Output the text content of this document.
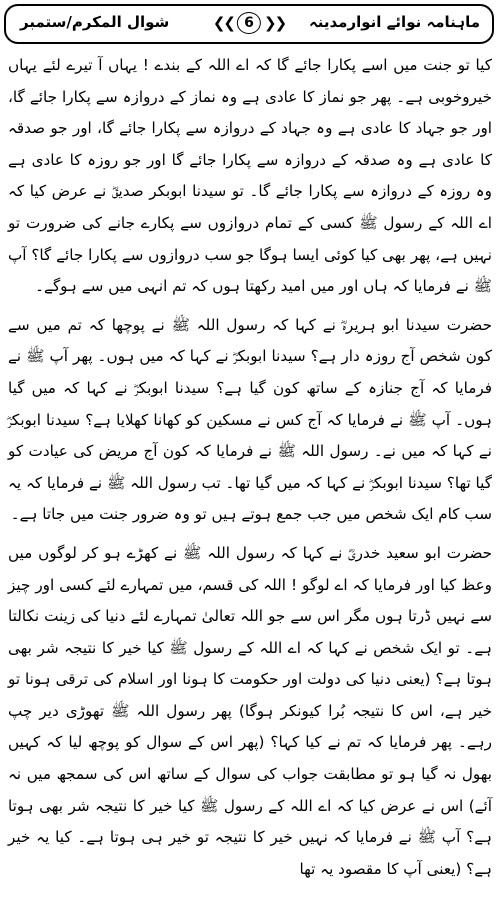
ماہنامہ نوائے انوارمدینہ
❮❮ 6 ❯❯
شوال المکرم/ستمبر

کیا تو جنت میں اسے پکارا جائے گا کہ اے اللہ کے بندے ! یہاں آ تیرے لئے یہاں خیروخوبی ہے۔ پھر جو نماز کا عادی ہے وہ نماز کے دروازہ سے پکارا جائے گا، اور جو جہاد کا عادی ہے وہ جہاد کے دروازہ سے پکارا جائے گا، اور جو صدقہ کا عادی ہے وہ صدقہ کے دروازہ سے پکارا جائے گا اور جو روزہ کا عادی ہے وہ روزہ کے دروازہ سے پکارا جائے گا۔ تو سیدنا ابوبکر صدیقؓ نے عرض کیا کہ اے اللہ کے رسول ﷺ کسی کے تمام دروازوں سے پکارے جانے کی ضرورت تو نہیں ہے، پھر بھی کیا کوئی ایسا ہوگا جو سب دروازوں سے پکارا جائے گا؟ آپ ﷺ نے فرمایا کہ ہاں اور میں امید رکھتا ہوں کہ تم انہی میں سے ہوگے۔

حضرت سیدنا ابو ہریرہؓ نے کہا کہ رسول اللہ ﷺ نے پوچھا کہ تم میں سے کون شخص آج روزہ دار ہے؟ سیدنا ابوبکرؓ نے کہا کہ میں ہوں۔ پھر آپ ﷺ نے فرمایا کہ آج جنازہ کے ساتھ کون گیا ہے؟ سیدنا ابوبکرؓ نے کہا کہ میں گیا ہوں۔ آپ ﷺ نے فرمایا کہ آج کس نے مسکین کو کھانا کھلایا ہے؟ سیدنا ابوبکرؓ نے کہا کہ میں نے۔ رسول اللہ ﷺ نے فرمایا کہ کون آج مریض کی عیادت کو گیا تھا؟ سیدنا ابوبکرؓ نے کہا کہ میں گیا تھا۔ تب رسول اللہ ﷺ نے فرمایا کہ یہ سب کام ایک شخص میں جب جمع ہوتے ہیں تو وہ ضرور جنت میں جاتا ہے۔

حضرت ابو سعید خدریؓ نے کہا کہ رسول اللہ ﷺ نے کھڑے ہو کر لوگوں میں وعظ کیا اور فرمایا کہ اے لوگو ! اللہ کی قسم، میں تمہارے لئے کسی اور چیز سے نہیں ڈرتا ہوں مگر اس سے جو اللہ تعالیٰ تمہارے لئے دنیا کی زینت نکالتا ہے۔ تو ایک شخص نے کہا کہ اے اللہ کے رسول ﷺ کیا خیر کا نتیجہ شر بھی ہوتا ہے؟ (یعنی دنیا کی دولت اور حکومت کا ہونا اور اسلام کی ترقی ہونا تو خیر ہے، اس کا نتیجہ بُرا کیونکر ہوگا) پھر رسول اللہ ﷺ تھوڑی دیر چپ رہے۔ پھر فرمایا کہ تم نے کیا کہا؟ (پھر اس کے سوال کو پوچھ لیا کہ کہیں بھول نہ گیا ہو تو مطابقت جواب کی سوال کے ساتھ اس کی سمجھ میں نہ آئے) اس نے عرض کیا کہ اے اللہ کے رسول ﷺ کیا خیر کا نتیجہ شر بھی ہوتا ہے؟ آپ ﷺ نے فرمایا کہ نہیں خیر کا نتیجہ تو خیر ہی ہوتا ہے۔ کیا یہ خیر ہے؟ (یعنی آپ کا مقصود یہ تھا
